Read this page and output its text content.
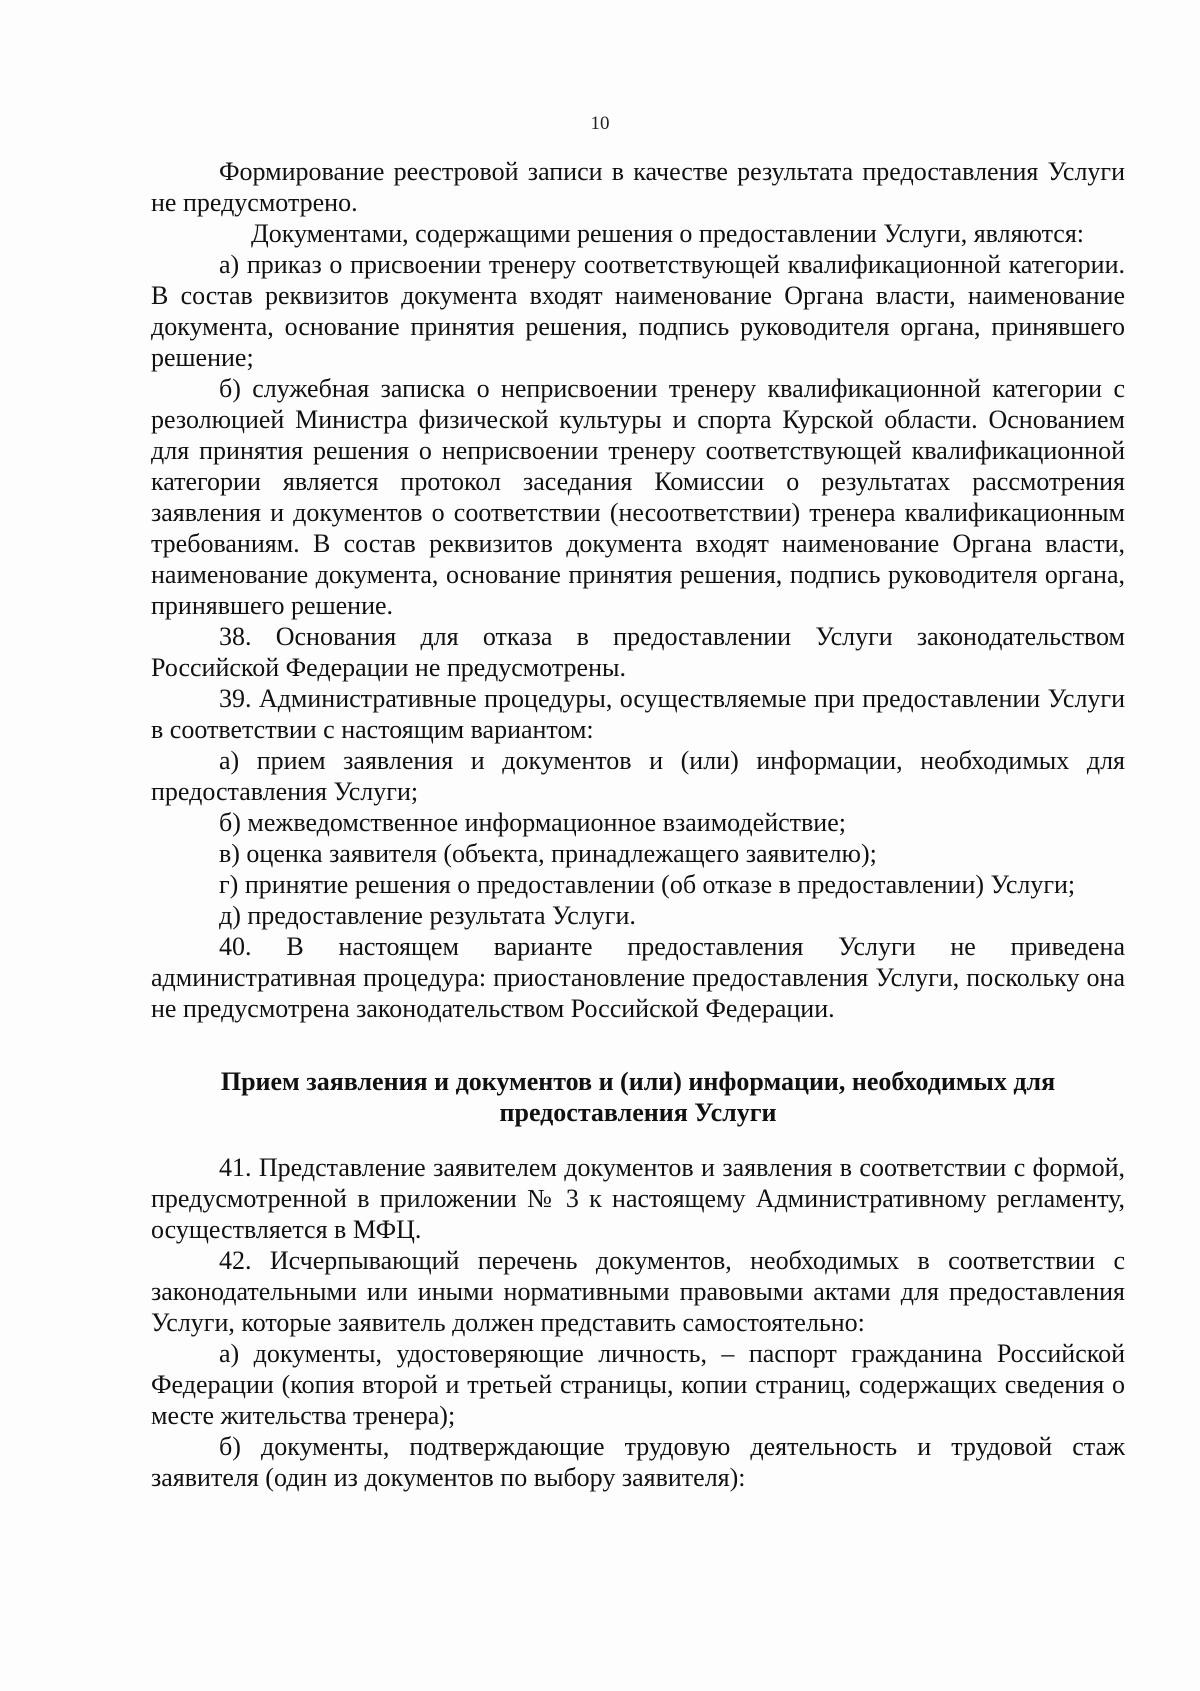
10

Формирование реестровой записи в качестве результата предоставления Услуги не предусмотрено.

Документами, содержащими решения о предоставлении Услуги, являются:

а) приказ о присвоении тренеру соответствующей квалификационной категории. В состав реквизитов документа входят наименование Органа власти, наименование документа, основание принятия решения, подпись руководителя органа, принявшего решение;

б) служебная записка о неприсвоении тренеру квалификационной категории с резолюцией Министра физической культуры и спорта Курской области. Основанием для принятия решения о неприсвоении тренеру соответствующей квалификационной категории является протокол заседания Комиссии о результатах рассмотрения заявления и документов о соответствии (несоответствии) тренера квалификационным требованиям. В состав реквизитов документа входят наименование Органа власти, наименование документа, основание принятия решения, подпись руководителя органа, принявшего решение.

38. Основания для отказа в предоставлении Услуги законодательством Российской Федерации не предусмотрены.

39. Административные процедуры, осуществляемые при предоставлении Услуги в соответствии с настоящим вариантом:

а) прием заявления и документов и (или) информации, необходимых для предоставления Услуги;

б) межведомственное информационное взаимодействие;

в) оценка заявителя (объекта, принадлежащего заявителю);

г) принятие решения о предоставлении (об отказе в предоставлении) Услуги;

д) предоставление результата Услуги.

40. В настоящем варианте предоставления Услуги не приведена административная процедура: приостановление предоставления Услуги, поскольку она не предусмотрена законодательством Российской Федерации.

Прием заявления и документов и (или) информации, необходимых для
предоставления Услуги

41. Представление заявителем документов и заявления в соответствии с формой, предусмотренной в приложении № 3 к настоящему Административному регламенту, осуществляется в МФЦ.

42. Исчерпывающий перечень документов, необходимых в соответствии с законодательными или иными нормативными правовыми актами для предоставления Услуги, которые заявитель должен представить самостоятельно:

а) документы, удостоверяющие личность, – паспорт гражданина Российской Федерации (копия второй и третьей страницы, копии страниц, содержащих сведения о месте жительства тренера);

б) документы, подтверждающие трудовую деятельность и трудовой стаж заявителя (один из документов по выбору заявителя):
